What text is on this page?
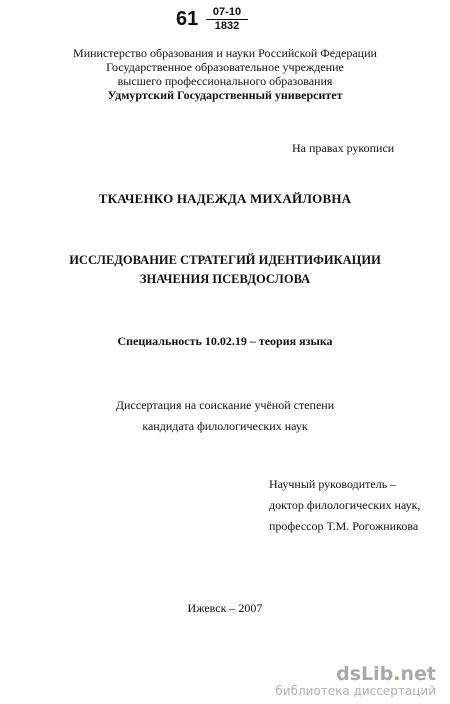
$61 \frac{07-10}{1832}$
Министерство образования и науки Российской Федерации
Государственное образовательное учреждение
высшего профессионального образования
Удмуртский Государственный университет
На правах рукописи
ТКАЧЕНКО НАДЕЖДА МИХАЙЛОВНА
ИССЛЕДОВАНИЕ СТРАТЕГИЙ ИДЕНТИФИКАЦИИ
ЗНАЧЕНИЯ ПСЕВДОСЛОВА
Специальность 10.02.19 – теория языка
Диссертация на соискание учёной степени
кандидата филологических наук
Научный руководитель –
доктор филологических наук,
профессор Т.М. Рогожникова
Ижевск – 2007
dsLib.net
библиотека диссертаций
